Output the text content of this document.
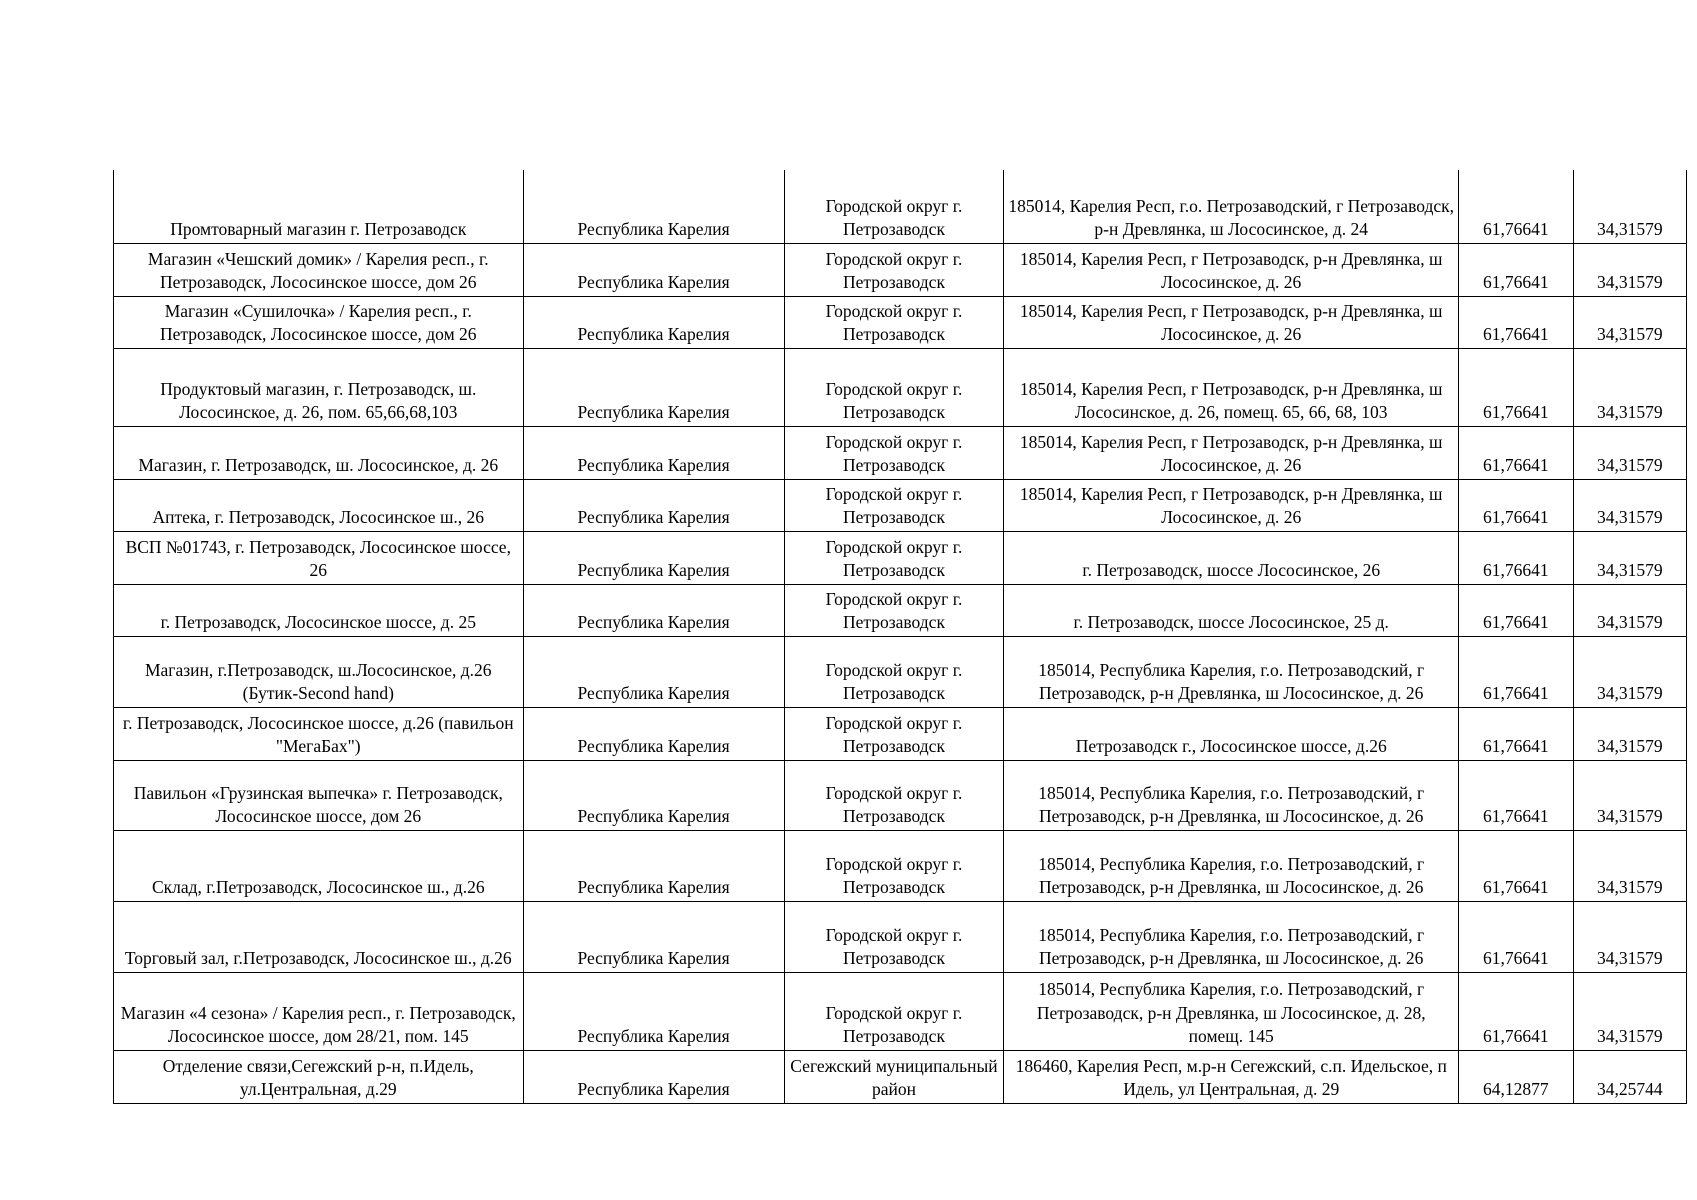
Промтоварный магазин г. Петрозаводск	Республика Карелия	Городской округ г. Петрозаводск	185014, Карелия Респ, г.о. Петрозаводский, г Петрозаводск, р-н Древлянка, ш Лососинское, д. 24	61,76641	34,31579
Магазин «Чешский домик» / Карелия респ., г. Петрозаводск, Лососинское шоссе, дом 26	Республика Карелия	Городской округ г. Петрозаводск	185014, Карелия Респ, г Петрозаводск, р-н Древлянка, ш Лососинское, д. 26	61,76641	34,31579
Магазин «Сушилочка» / Карелия респ., г. Петрозаводск, Лососинское шоссе, дом 26	Республика Карелия	Городской округ г. Петрозаводск	185014, Карелия Респ, г Петрозаводск, р-н Древлянка, ш Лососинское, д. 26	61,76641	34,31579
Продуктовый магазин, г. Петрозаводск, ш. Лососинское, д. 26, пом. 65,66,68,103	Республика Карелия	Городской округ г. Петрозаводск	185014, Карелия Респ, г Петрозаводск, р-н Древлянка, ш Лососинское, д. 26, помещ. 65, 66, 68, 103	61,76641	34,31579
Магазин, г. Петрозаводск, ш. Лососинское, д. 26	Республика Карелия	Городской округ г. Петрозаводск	185014, Карелия Респ, г Петрозаводск, р-н Древлянка, ш Лососинское, д. 26	61,76641	34,31579
Аптека, г. Петрозаводск, Лососинское ш., 26	Республика Карелия	Городской округ г. Петрозаводск	185014, Карелия Респ, г Петрозаводск, р-н Древлянка, ш Лососинское, д. 26	61,76641	34,31579
ВСП №01743, г. Петрозаводск, Лососинское шоссе, 26	Республика Карелия	Городской округ г. Петрозаводск	г. Петрозаводск, шоссе Лососинское, 26	61,76641	34,31579
г. Петрозаводск, Лососинское шоссе, д. 25	Республика Карелия	Городской округ г. Петрозаводск	г. Петрозаводск, шоссе Лососинское, 25 д.	61,76641	34,31579
Магазин, г.Петрозаводск, ш.Лососинское, д.26 (Бутик-Second hand)	Республика Карелия	Городской округ г. Петрозаводск	185014, Республика Карелия, г.о. Петрозаводский, г Петрозаводск, р-н Древлянка, ш Лососинское, д. 26	61,76641	34,31579
г. Петрозаводск, Лососинское шоссе, д.26 (павильон "МегаБах")	Республика Карелия	Городской округ г. Петрозаводск	Петрозаводск г., Лососинское шоссе, д.26	61,76641	34,31579
Павильон «Грузинская выпечка» г. Петрозаводск, Лососинское шоссе, дом 26	Республика Карелия	Городской округ г. Петрозаводск	185014, Республика Карелия, г.о. Петрозаводский, г Петрозаводск, р-н Древлянка, ш Лососинское, д. 26	61,76641	34,31579
Склад, г.Петрозаводск, Лососинское ш., д.26	Республика Карелия	Городской округ г. Петрозаводск	185014, Республика Карелия, г.о. Петрозаводский, г Петрозаводск, р-н Древлянка, ш Лососинское, д. 26	61,76641	34,31579
Торговый зал, г.Петрозаводск, Лососинское ш., д.26	Республика Карелия	Городской округ г. Петрозаводск	185014, Республика Карелия, г.о. Петрозаводский, г Петрозаводск, р-н Древлянка, ш Лососинское, д. 26	61,76641	34,31579
Магазин «4 сезона» / Карелия респ., г. Петрозаводск, Лососинское шоссе, дом 28/21, пом. 145	Республика Карелия	Городской округ г. Петрозаводск	185014, Республика Карелия, г.о. Петрозаводский, г Петрозаводск, р-н Древлянка, ш Лососинское, д. 28, помещ. 145	61,76641	34,31579
Отделение связи,Сегежский р-н, п.Идель, ул.Центральная, д.29	Республика Карелия	Сегежский муниципальный район	186460, Карелия Респ, м.р-н Сегежский, с.п. Идельское, п Идель, ул Центральная, д. 29	64,12877	34,25744
